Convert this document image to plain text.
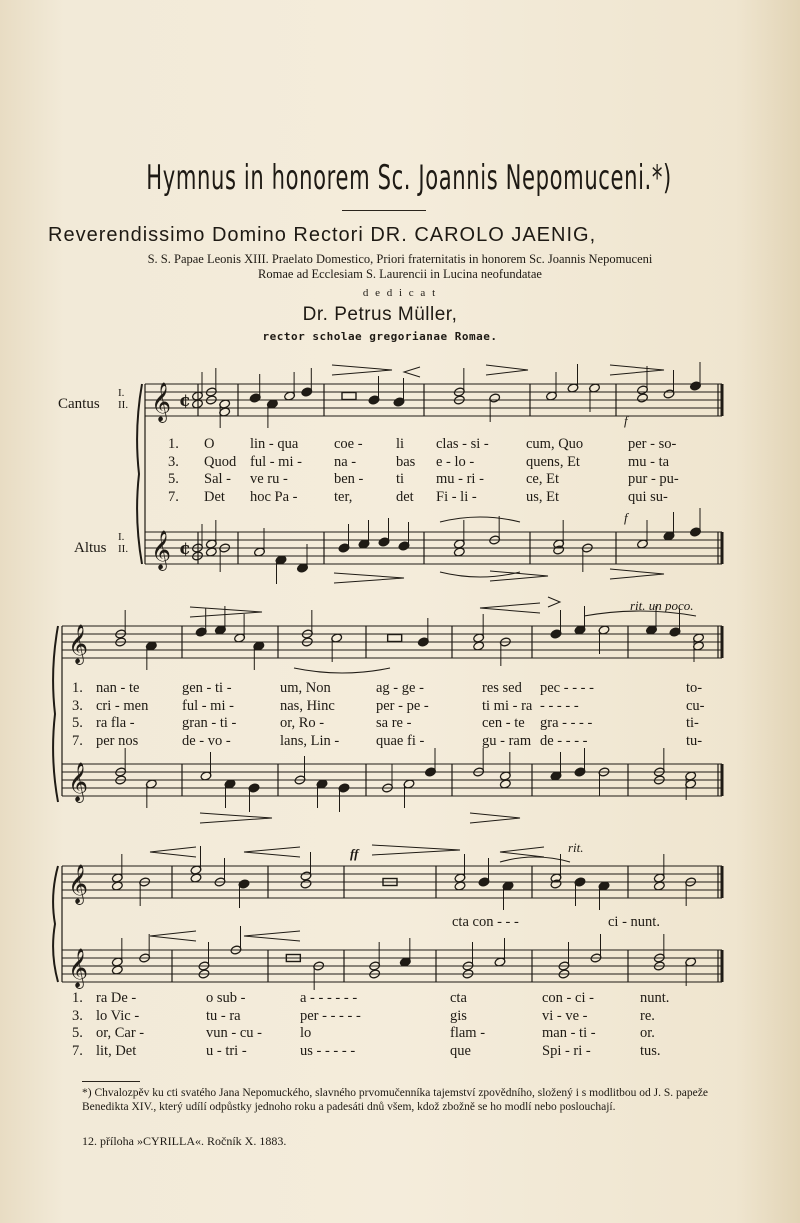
Hymnus in honorem Sc. Joannis Nepomuceni.*)
Reverendissimo Domino Rectori DR. CAROLO JAENIG,
S. S. Papae Leonis XIII. Praelato Domestico, Priori fraternitatis in honorem Sc. Joannis Nepomuceni
Romae ad Ecclesiam S. Laurencii in Lucina neofundatae
d e d i c a t
Dr. Petrus Müller,
rector scholae gregorianae Romae.
Cantus
I. II.
Altus
I. II.
f
f
rit. un poco.
ff	rit.
1. O lin - qua coe - li clas - si -	cum, Quo	per - so-
3. Quod ful - mi - na -	bas e - lo -	quens, Et	mu - ta
5. Sal - ve ru -	ben - ti mu - ri -	ce, Et	pur - pu-
7. Det hoc Pa -	ter,	det Fi - li -	us, Et	qui su-
1. nan - te	gen - ti -	um, Non	ag - ge -	res sed pec - - - -	to-
3. cri - men ful - mi -	nas, Hinc	per - pe -	ti mi - ra - - - - -	cu-
5. ra fla -	gran - ti -	or, Ro -	sa re -	cen - te gra - - - -	ti-
7. per nos	de - vo -	lans, Lin -	quae fi -	gu - ram de - - - -	tu-
1. ra De -	o sub -	a - - - - - -	cta	con - ci -	nunt.
3. lo Vic -	tu - ra	per - - - - -	gis	vi - ve -	re.
5. or, Car -	vun - cu -	lo	flam -	man - ti -	or.
7. lit, Det	u - tri -	us - - - - -	que	Spi - ri -	tus.
cta con - - -	ci - nunt.
*) Chvalozpěv ku cti svatého Jana Nepomuckého, slavného prvomučenníka tajemství zpovědního, složený i s modlitbou od J. S. papeže Benedikta XIV., který udílí odpůstky jednoho roku a padesáti dnů všem, kdož zbožně se ho modlí nebo poslouchají.
12. příloha »CYRILLA«. Ročník X. 1883.
𝄞 ¢
𝄞 ¢
𝄞
𝄞
𝄞
𝄞
